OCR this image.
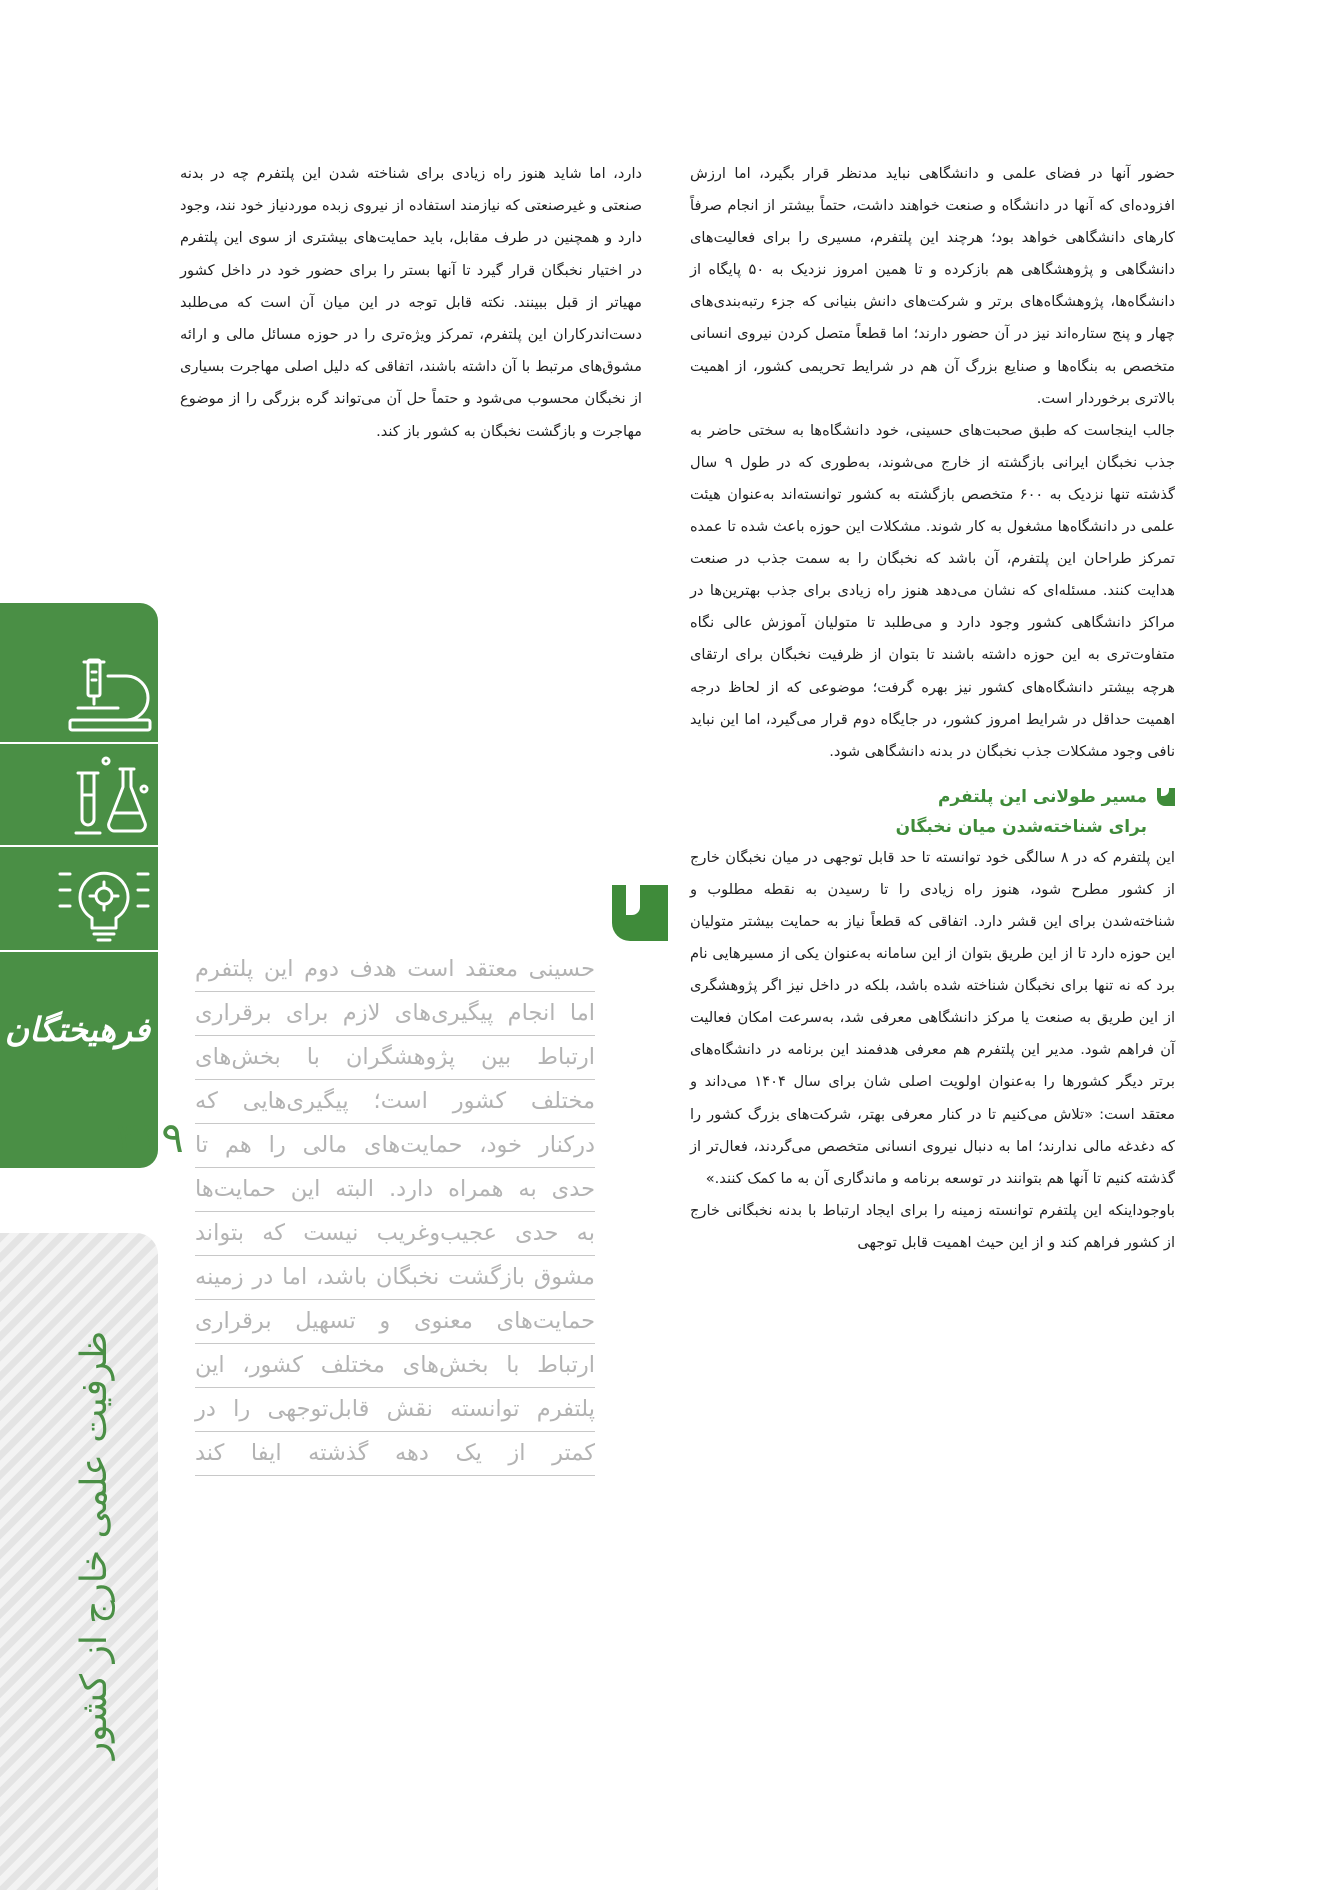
حضور آنها در فضای علمی و دانشگاهی نباید مدنظر قرار بگیرد، اما ارزش افزوده‌ای که آنها در دانشگاه و صنعت خواهند داشت، حتماً بیشتر از انجام صرفاً کارهای دانشگاهی خواهد بود؛ هرچند این پلتفرم، مسیری را برای فعالیت‌های دانشگاهی و پژوهشگاهی هم بازکرده و تا همین امروز نزدیک به ۵۰ پایگاه از دانشگاه‌ها، پژوهشگاه‌های برتر و شرکت‌های دانش بنیانی که جزء رتبه‌بندی‌های چهار و پنج ستاره‌اند نیز در آن حضور دارند؛ اما قطعاً متصل کردن نیروی انسانی متخصص به بنگاه‌ها و صنایع بزرگ آن هم در شرایط تحریمی کشور، از اهمیت بالاتری برخوردار است.

جالب اینجاست که طبق صحبت‌های حسینی، خود دانشگاه‌ها به سختی حاضر به جذب نخبگان ایرانی بازگشته از خارج می‌شوند، به‌طوری که در طول ۹ سال گذشته تنها نزدیک به ۶۰۰ متخصص بازگشته به کشور توانسته‌اند به‌عنوان هیئت علمی در دانشگاه‌ها مشغول به کار شوند. مشکلات این حوزه باعث شده تا عمده تمرکز طراحان این پلتفرم، آن باشد که نخبگان را به سمت جذب در صنعت هدایت کنند. مسئله‌ای که نشان می‌دهد هنوز راه زیادی برای جذب بهترین‌ها در مراکز دانشگاهی کشور وجود دارد و می‌طلبد تا متولیان آموزش عالی نگاه متفاوت‌تری به این حوزه داشته باشند تا بتوان از ظرفیت نخبگان برای ارتقای هرچه بیشتر دانشگاه‌های کشور نیز بهره گرفت؛ موضوعی که از لحاظ درجه اهمیت حداقل در شرایط امروز کشور، در جایگاه دوم قرار می‌گیرد، اما این نباید نافی وجود مشکلات جذب نخبگان در بدنه دانشگاهی شود.

مسیر طولانی این پلتفرم
برای شناخته‌شدن میان نخبگان

این پلتفرم که در ۸ سالگی خود توانسته تا حد قابل توجهی در میان نخبگان خارج از کشور مطرح شود، هنوز راه زیادی را تا رسیدن به نقطه مطلوب و شناخته‌شدن برای این قشر دارد. اتفاقی که قطعاً نیاز به حمایت بیشتر متولیان این حوزه دارد تا از این طریق بتوان از این سامانه به‌عنوان یکی از مسیرهایی نام برد که نه تنها برای نخبگان شناخته شده باشد، بلکه در داخل نیز اگر پژوهشگری از این طریق به صنعت یا مرکز دانشگاهی معرفی شد، به‌سرعت امکان فعالیت آن فراهم شود. مدیر این پلتفرم هم معرفی هدفمند این برنامه در دانشگاه‌های برتر دیگر کشورها را به‌عنوان اولویت اصلی شان برای سال ۱۴۰۴ می‌داند و معتقد است: «تلاش می‌کنیم تا در کنار معرفی بهتر، شرکت‌های بزرگ کشور را که دغدغه مالی ندارند؛ اما به دنبال نیروی انسانی متخصص می‌گردند، فعال‌تر از گذشته کنیم تا آنها هم بتوانند در توسعه برنامه و ماندگاری آن به ما کمک کنند.»

باوجوداینکه این پلتفرم توانسته زمینه را برای ایجاد ارتباط با بدنه نخبگانی خارج از کشور فراهم کند و از این حیث اهمیت قابل توجهی

دارد، اما شاید هنوز راه زیادی برای شناخته شدن این پلتفرم چه در بدنه صنعتی و غیرصنعتی که نیازمند استفاده از نیروی زبده موردنیاز خود نند، وجود دارد و همچنین در طرف مقابل، باید حمایت‌های بیشتری از سوی این پلتفرم در اختیار نخبگان قرار گیرد تا آنها بستر را برای حضور خود در داخل کشور مهیاتر از قبل ببینند. نکته قابل توجه در این میان آن است که می‌طلبد دست‌اندرکاران این پلتفرم، تمرکز ویژه‌تری را در حوزه مسائل مالی و ارائه مشوق‌های مرتبط با آن داشته باشند، اتفاقی که دلیل اصلی مهاجرت بسیاری از نخبگان محسوب می‌شود و حتماً حل آن می‌تواند گره بزرگی را از موضوع مهاجرت و بازگشت نخبگان به کشور باز کند.

حسینی معتقد است هدف دوم این پلتفرم
اما انجام پیگیری‌های لازم برای برقراری
ارتباط بین پژوهشگران با بخش‌های
مختلف کشور است؛ پیگیری‌هایی که
درکنار خود، حمایت‌های مالی را هم تا
حدی به همراه دارد. البته این حمایت‌ها
به حدی عجیب‌وغریب نیست که بتواند
مشوق بازگشت نخبگان باشد، اما در زمینه
حمایت‌های معنوی و تسهیل برقراری
ارتباط با بخش‌های مختلف کشور، این
پلتفرم توانسته نقش قابل‌توجهی را در
کمتر از یک دهه گذشته ایفا کند
فرهیختگان
۳۱۹
ظرفیت علمی خارج از کشور
